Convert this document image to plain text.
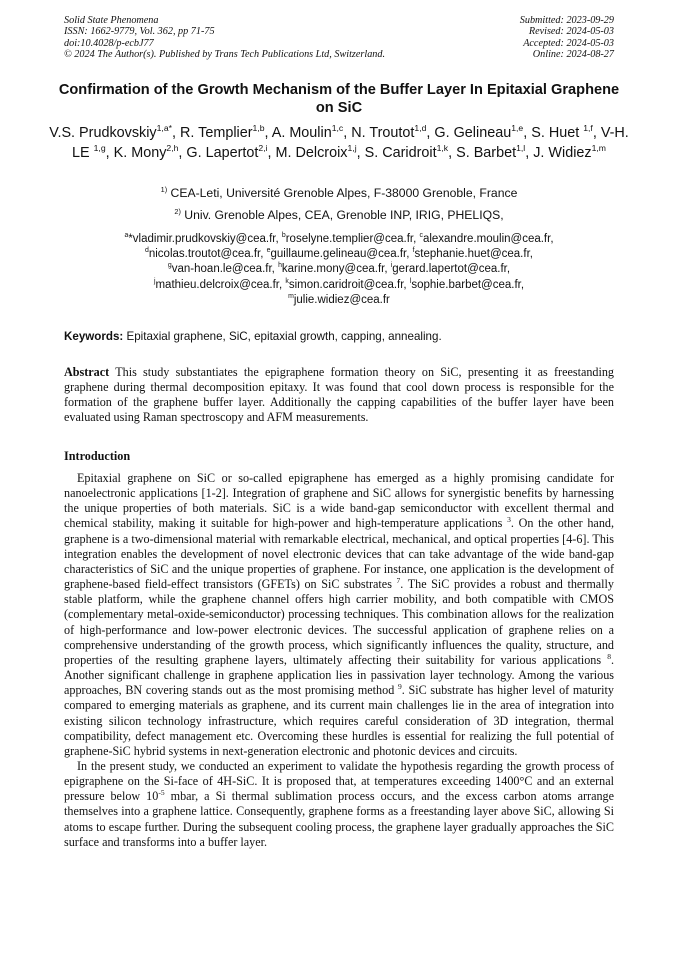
Solid State Phenomena
ISSN: 1662-9779, Vol. 362, pp 71-75
doi:10.4028/p-ecbJ77
© 2024 The Author(s). Published by Trans Tech Publications Ltd, Switzerland.
Submitted: 2023-09-29
Revised: 2024-05-03
Accepted: 2024-05-03
Online: 2024-08-27
Confirmation of the Growth Mechanism of the Buffer Layer In Epitaxial Graphene on SiC
V.S. Prudkovskiy$^{1,a*}$, R. Templier$^{1,b}$, A. Moulin$^{1,c}$, N. Troutot$^{1,d}$, G. Gelineau$^{1,e}$, S. Huet $^{1,f}$, V-H. LE $^{1,g}$, K. Mony$^{2,h}$, G. Lapertot$^{2,i}$, M. Delcroix$^{1,j}$, S. Caridroit$^{1,k}$, S. Barbet$^{1,l}$, J. Widiez$^{1,m}$
$^{1)}$ CEA-Leti, Université Grenoble Alpes, F-38000 Grenoble, France
$^{2)}$ Univ. Grenoble Alpes, CEA, Grenoble INP, IRIG, PHELIQS,
$^a$*vladimir.prudkovskiy@cea.fr, $^b$roselyne.templier@cea.fr, $^c$alexandre.moulin@cea.fr,
$^d$nicolas.troutot@cea.fr, $^e$guillaume.gelineau@cea.fr, $^f$stephanie.huet@cea.fr,
$^g$van-hoan.le@cea.fr, $^h$karine.mony@cea.fr, $^i$gerard.lapertot@cea.fr,
$^j$mathieu.delcroix@cea.fr, $^k$simon.caridroit@cea.fr, $^l$sophie.barbet@cea.fr,
$^m$julie.widiez@cea.fr
Keywords: Epitaxial graphene, SiC, epitaxial growth, capping, annealing.
Abstract This study substantiates the epigraphene formation theory on SiC, presenting it as freestanding graphene during thermal decomposition epitaxy. It was found that cool down process is responsible for the formation of the graphene buffer layer. Additionally the capping capabilities of the buffer layer have been evaluated using Raman spectroscopy and AFM measurements.
Introduction

Epitaxial graphene on SiC or so-called epigraphene has emerged as a highly promising candidate for nanoelectronic applications [1-2]. Integration of graphene and SiC allows for synergistic benefits by harnessing the unique properties of both materials. SiC is a wide band-gap semiconductor with excellent thermal and chemical stability, making it suitable for high-power and high-temperature applications $^3$. On the other hand, graphene is a two-dimensional material with remarkable electrical, mechanical, and optical properties [4-6]. This integration enables the development of novel electronic devices that can take advantage of the wide band-gap characteristics of SiC and the unique properties of graphene. For instance, one application is the development of graphene-based field-effect transistors (GFETs) on SiC substrates $^7$. The SiC provides a robust and thermally stable platform, while the graphene channel offers high carrier mobility, and both compatible with CMOS (complementary metal-oxide-semiconductor) processing techniques. This combination allows for the realization of high-performance and low-power electronic devices. The successful application of graphene relies on a comprehensive understanding of the growth process, which significantly influences the quality, structure, and properties of the resulting graphene layers, ultimately affecting their suitability for various applications $^8$. Another significant challenge in graphene application lies in passivation layer technology. Among the various approaches, BN covering stands out as the most promising method $^9$. SiC substrate has higher level of maturity compared to emerging materials as graphene, and its current main challenges lie in the area of integration into existing silicon technology infrastructure, which requires careful consideration of 3D integration, thermal compatibility, defect management etc. Overcoming these hurdles is essential for realizing the full potential of graphene-SiC hybrid systems in next-generation electronic and photonic devices and circuits.

In the present study, we conducted an experiment to validate the hypothesis regarding the growth process of epigraphene on the Si-face of 4H-SiC. It is proposed that, at temperatures exceeding 1400°C and an external pressure below $10^{-5}$ mbar, a Si thermal sublimation process occurs, and the excess carbon atoms arrange themselves into a graphene lattice. Consequently, graphene forms as a freestanding layer above SiC, allowing Si atoms to escape further. During the subsequent cooling process, the graphene layer gradually approaches the SiC surface and transforms into a buffer layer.
